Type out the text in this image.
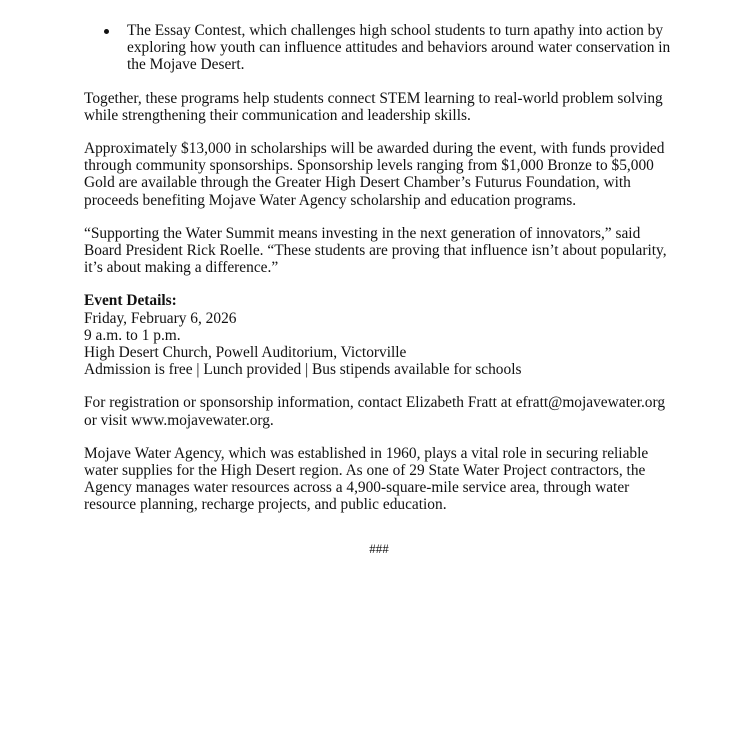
The Essay Contest, which challenges high school students to turn apathy into action by exploring how youth can influence attitudes and behaviors around water conservation in the Mojave Desert.

Together, these programs help students connect STEM learning to real-world problem solving while strengthening their communication and leadership skills.

Approximately $13,000 in scholarships will be awarded during the event, with funds provided through community sponsorships. Sponsorship levels ranging from $1,000 Bronze to $5,000 Gold are available through the Greater High Desert Chamber’s Futurus Foundation, with proceeds benefiting Mojave Water Agency scholarship and education programs.

“Supporting the Water Summit means investing in the next generation of innovators,” said Board President Rick Roelle. “These students are proving that influence isn’t about popularity, it’s about making a difference.”

Event Details:
Friday, February 6, 2026
9 a.m. to 1 p.m.
High Desert Church, Powell Auditorium, Victorville
Admission is free | Lunch provided | Bus stipends available for schools

For registration or sponsorship information, contact Elizabeth Fratt at efratt@mojavewater.org or visit www.mojavewater.org.

Mojave Water Agency, which was established in 1960, plays a vital role in securing reliable water supplies for the High Desert region. As one of 29 State Water Project contractors, the Agency manages water resources across a 4,900-square-mile service area, through water resource planning, recharge projects, and public education.

###
